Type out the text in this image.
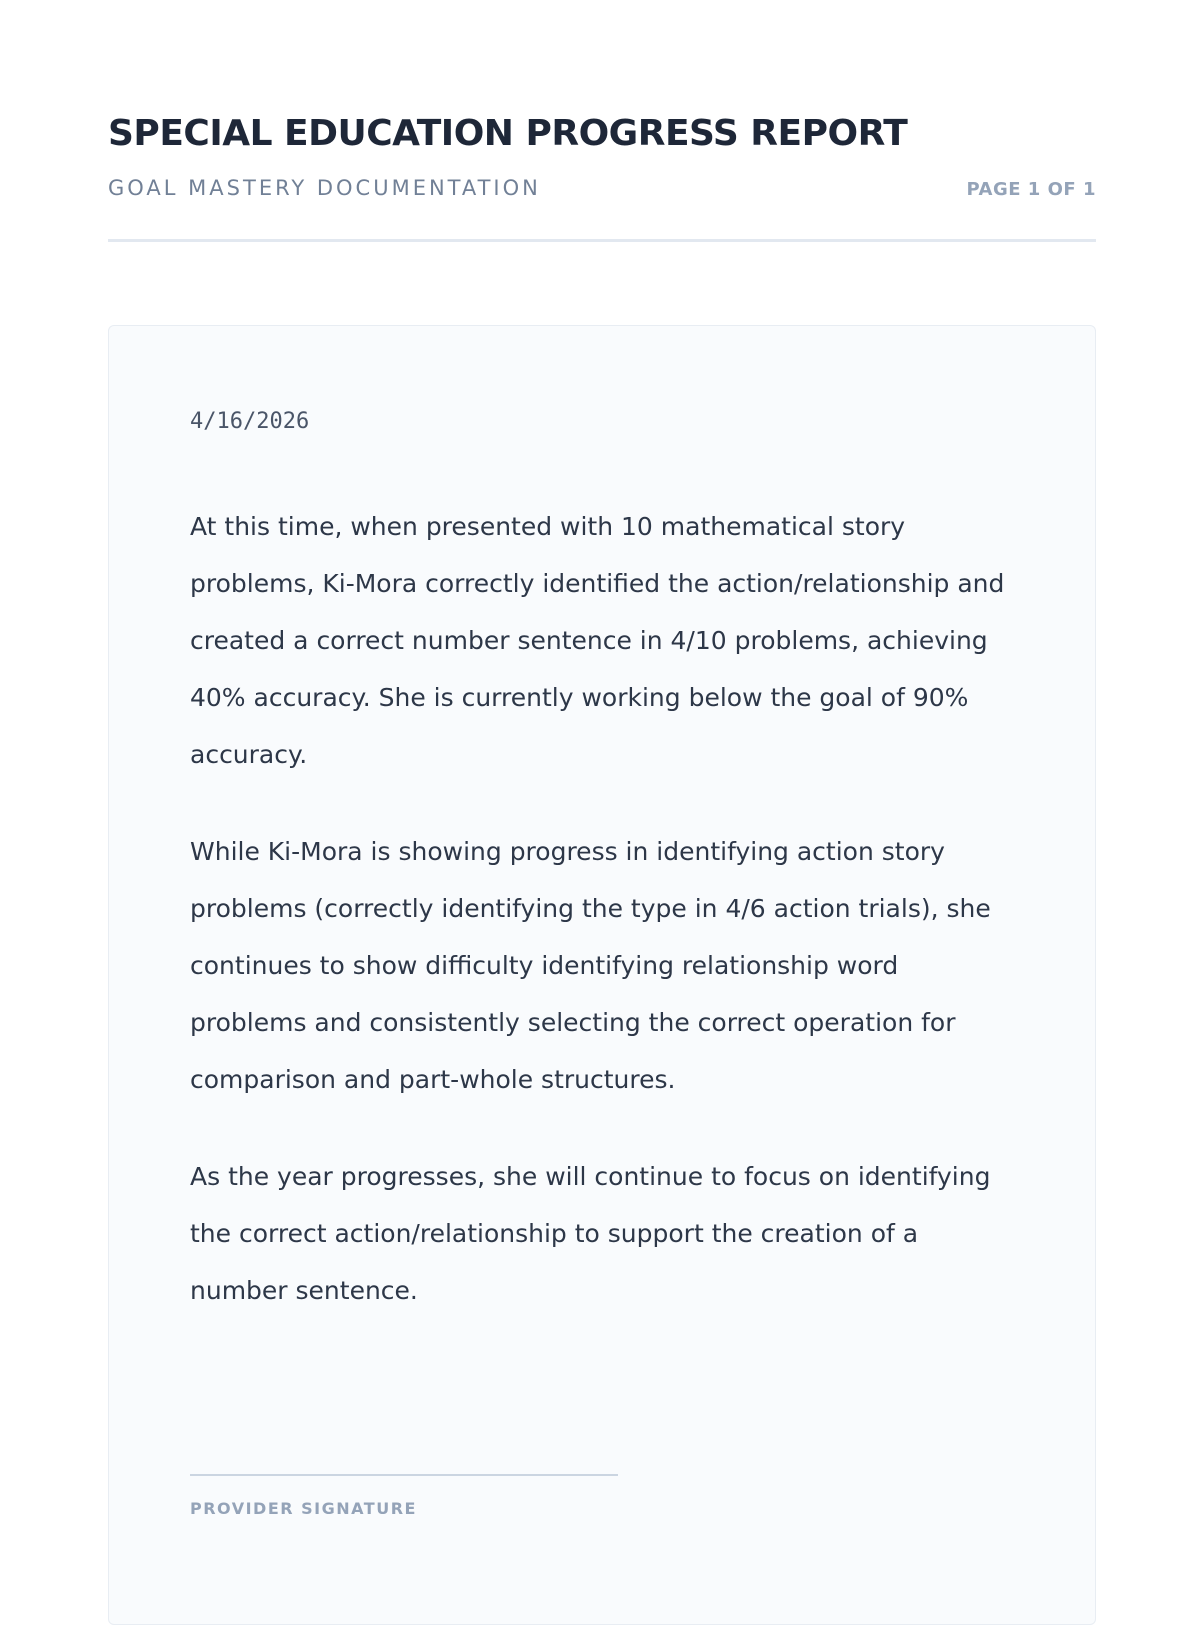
SPECIAL EDUCATION PROGRESS REPORT
GOAL MASTERY DOCUMENTATION	PAGE 1 OF 1
4/16/2026

At this time, when presented with 10 mathematical story problems, Ki-Mora correctly identified the action/relationship and created a correct number sentence in 4/10 problems, achieving 40% accuracy. She is currently working below the goal of 90% accuracy.

While Ki-Mora is showing progress in identifying action story problems (correctly identifying the type in 4/6 action trials), she continues to show difficulty identifying relationship word problems and consistently selecting the correct operation for comparison and part-whole structures.

As the year progresses, she will continue to focus on identifying the correct action/relationship to support the creation of a number sentence.

PROVIDER SIGNATURE
